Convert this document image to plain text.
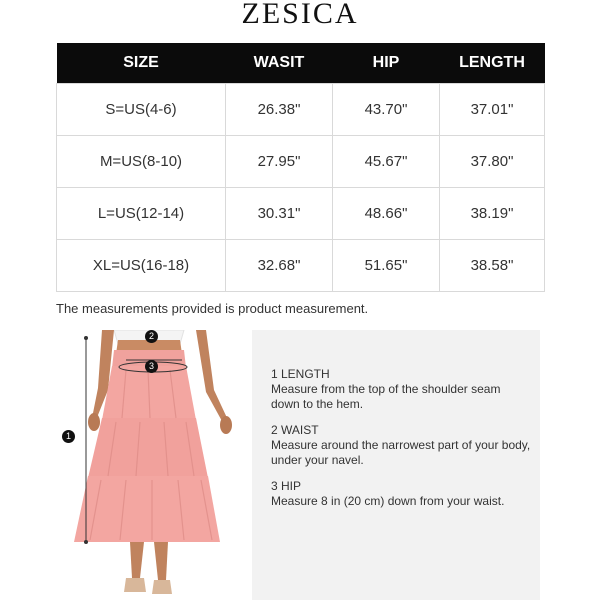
ZESICA
SIZE	WASIT	HIP	LENGTH
S=US(4-6)	26.38"	43.70"	37.01"
M=US(8-10)	27.95"	45.67"	37.80"
L=US(12-14)	30.31"	48.66"	38.19"
XL=US(16-18)	32.68"	51.65"	38.58"
The measurements provided is product measurement.
1
2
3
1 LENGTH
Measure from the top of the shoulder seam down to the hem.
2 WAIST
Measure around the narrowest part of your body, under your navel.
3 HIP
Measure 8 in (20 cm) down from your waist.
